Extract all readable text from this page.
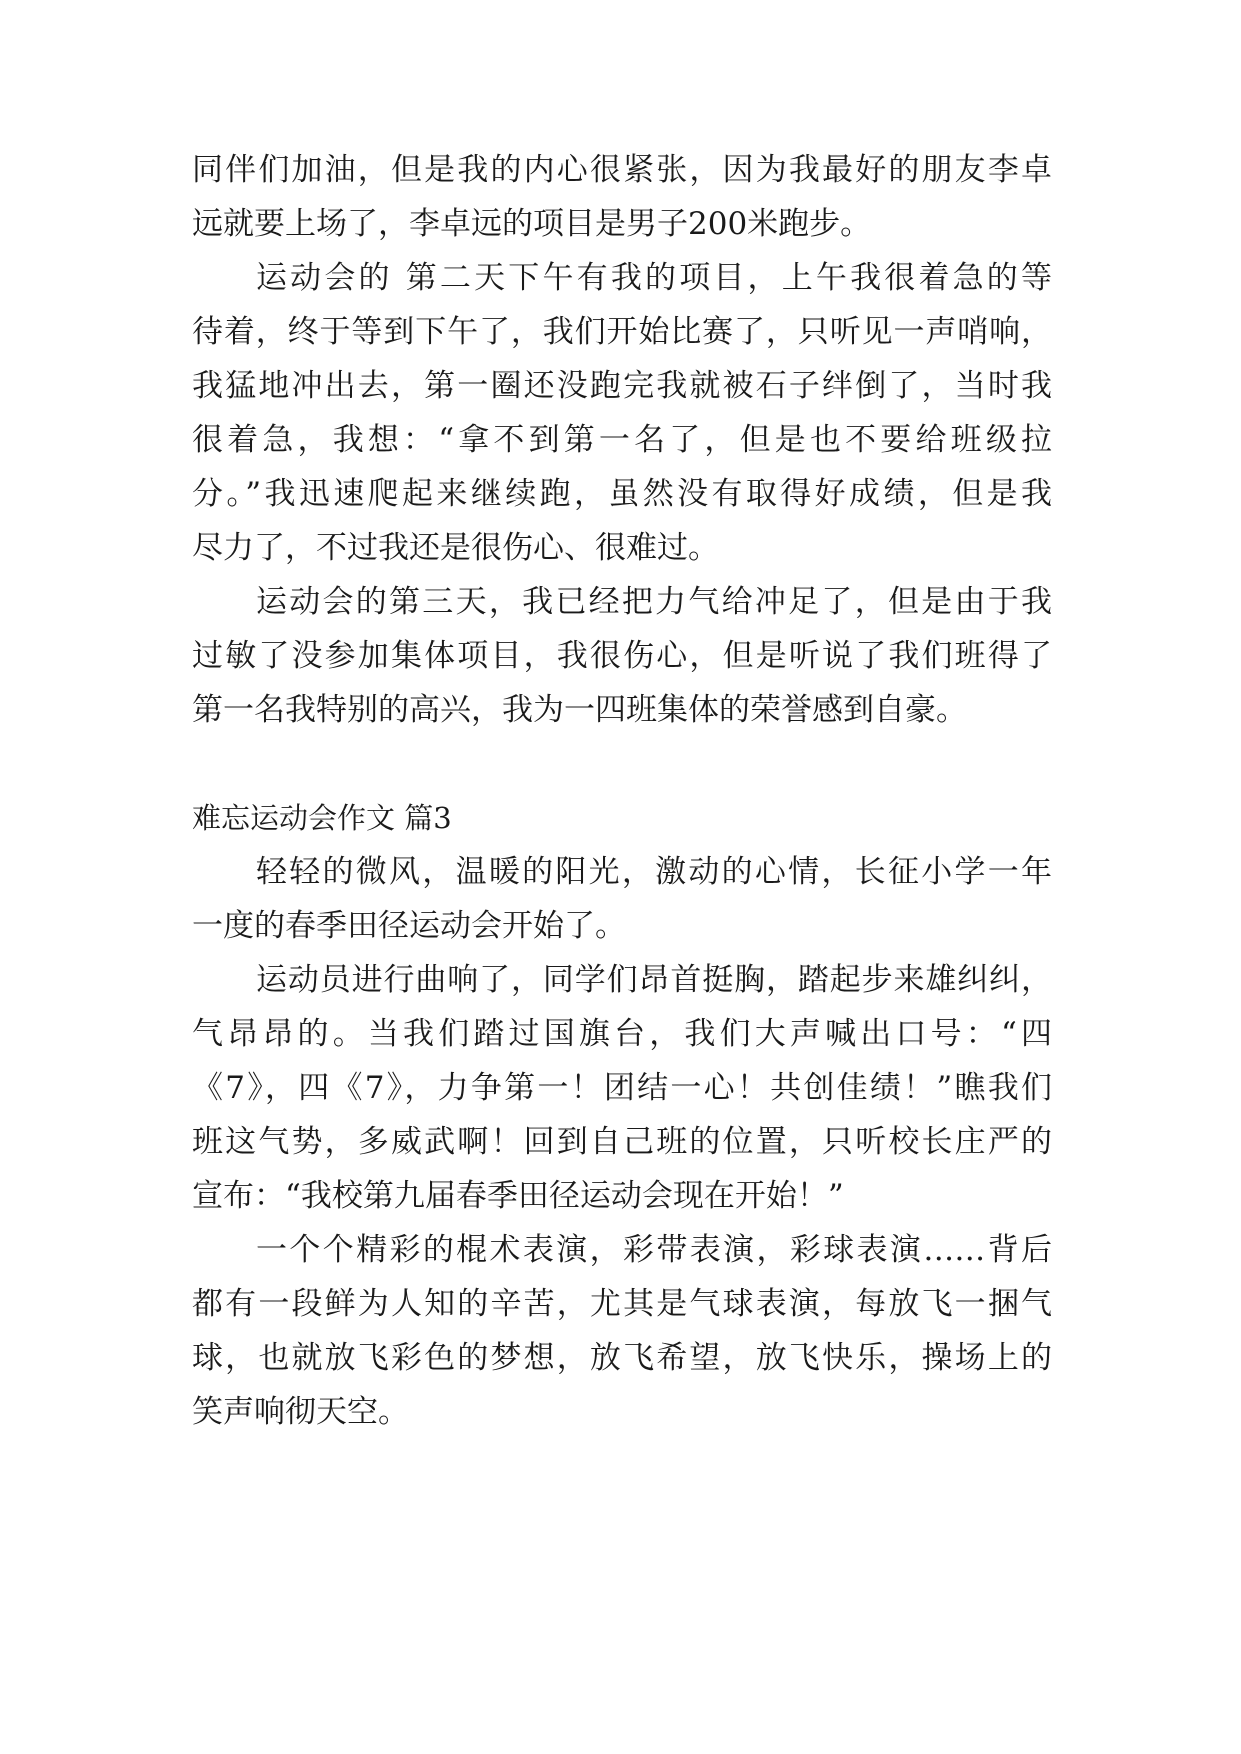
同伴们加油，但是我的内心很紧张，因为我最好的朋友李卓
远就要上场了，李卓远的项目是男子200米跑步。
运动会的 第二天下午有我的项目，上午我很着急的等
待着，终于等到下午了，我们开始比赛了，只听见一声哨响，
我猛地冲出去，第一圈还没跑完我就被石子绊倒了，当时我
很着急，我想：“拿不到第一名了，但是也不要给班级拉
分。”我迅速爬起来继续跑，虽然没有取得好成绩，但是我
尽力了，不过我还是很伤心、很难过。
运动会的第三天，我已经把力气给冲足了，但是由于我
过敏了没参加集体项目，我很伤心，但是听说了我们班得了
第一名我特别的高兴，我为一四班集体的荣誉感到自豪。
难忘运动会作文 篇3
轻轻的微风，温暖的阳光，激动的心情，长征小学一年
一度的春季田径运动会开始了。
运动员进行曲响了，同学们昂首挺胸，踏起步来雄纠纠，
气昂昂的。当我们踏过国旗台，我们大声喊出口号：“四
《7》，四《7》，力争第一！团结一心！共创佳绩！”瞧我们
班这气势，多威武啊！回到自己班的位置，只听校长庄严的
宣布：“我校第九届春季田径运动会现在开始！”
一个个精彩的棍术表演，彩带表演，彩球表演……背后
都有一段鲜为人知的辛苦，尤其是气球表演，每放飞一捆气
球，也就放飞彩色的梦想，放飞希望，放飞快乐，操场上的
笑声响彻天空。
